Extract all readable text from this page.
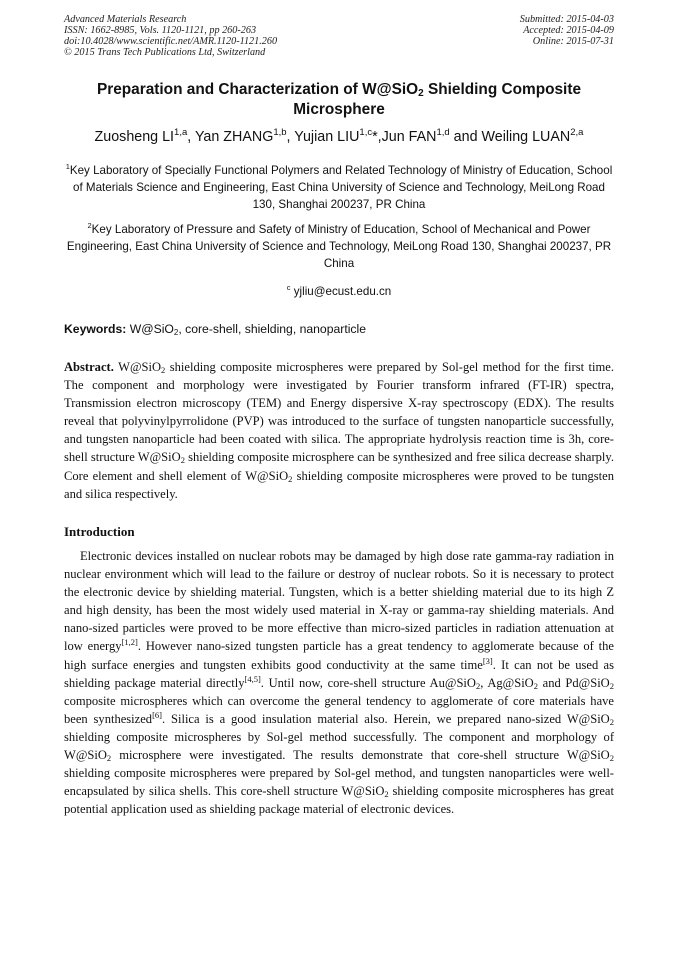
Advanced Materials Research
ISSN: 1662-8985, Vols. 1120-1121, pp 260-263
doi:10.4028/www.scientific.net/AMR.1120-1121.260
© 2015 Trans Tech Publications Ltd, Switzerland
Submitted: 2015-04-03
Accepted: 2015-04-09
Online: 2015-07-31
Preparation and Characterization of W@SiO$_2$ Shielding Composite Microsphere
Zuosheng LI$^{1,a}$, Yan ZHANG$^{1,b}$, Yujian LIU$^{1,c}$*,Jun FAN$^{1,d}$ and Weiling LUAN$^{2,a}$
$^1$Key Laboratory of Specially Functional Polymers and Related Technology of Ministry of Education, School of Materials Science and Engineering, East China University of Science and Technology, MeiLong Road 130, Shanghai 200237, PR China
$^2$Key Laboratory of Pressure and Safety of Ministry of Education, School of Mechanical and Power Engineering, East China University of Science and Technology, MeiLong Road 130, Shanghai 200237, PR China
$^c$ yjliu@ecust.edu.cn
Keywords: W@SiO$_2$, core-shell, shielding, nanoparticle
Abstract. W@SiO$_2$ shielding composite microspheres were prepared by Sol-gel method for the first time. The component and morphology were investigated by Fourier transform infrared (FT-IR) spectra, Transmission electron microscopy (TEM) and Energy dispersive X-ray spectroscopy (EDX). The results reveal that polyvinylpyrrolidone (PVP) was introduced to the surface of tungsten nanoparticle successfully, and tungsten nanoparticle had been coated with silica. The appropriate hydrolysis reaction time is 3h, core-shell structure W@SiO$_2$ shielding composite microsphere can be synthesized and free silica decrease sharply. Core element and shell element of W@SiO$_2$ shielding composite microspheres were proved to be tungsten and silica respectively.
Introduction
Electronic devices installed on nuclear robots may be damaged by high dose rate gamma-ray radiation in nuclear environment which will lead to the failure or destroy of nuclear robots. So it is necessary to protect the electronic device by shielding material. Tungsten, which is a better shielding material due to its high Z and high density, has been the most widely used material in X-ray or gamma-ray shielding materials. And nano-sized particles were proved to be more effective than micro-sized particles in radiation attenuation at low energy[1,2]. However nano-sized tungsten particle has a great tendency to agglomerate because of the high surface energies and tungsten exhibits good conductivity at the same time[3]. It can not be used as shielding package material directly[4,5]. Until now, core-shell structure Au@SiO$_2$, Ag@SiO$_2$ and Pd@SiO$_2$ composite microspheres which can overcome the general tendency to agglomerate of core materials have been synthesized[6]. Silica is a good insulation material also. Herein, we prepared nano-sized W@SiO$_2$ shielding composite microspheres by Sol-gel method successfully. The component and morphology of W@SiO$_2$ microsphere were investigated. The results demonstrate that core-shell structure W@SiO$_2$ shielding composite microspheres were prepared by Sol-gel method, and tungsten nanoparticles were well-encapsulated by silica shells. This core-shell structure W@SiO$_2$ shielding composite microspheres has great potential application used as shielding package material of electronic devices.
